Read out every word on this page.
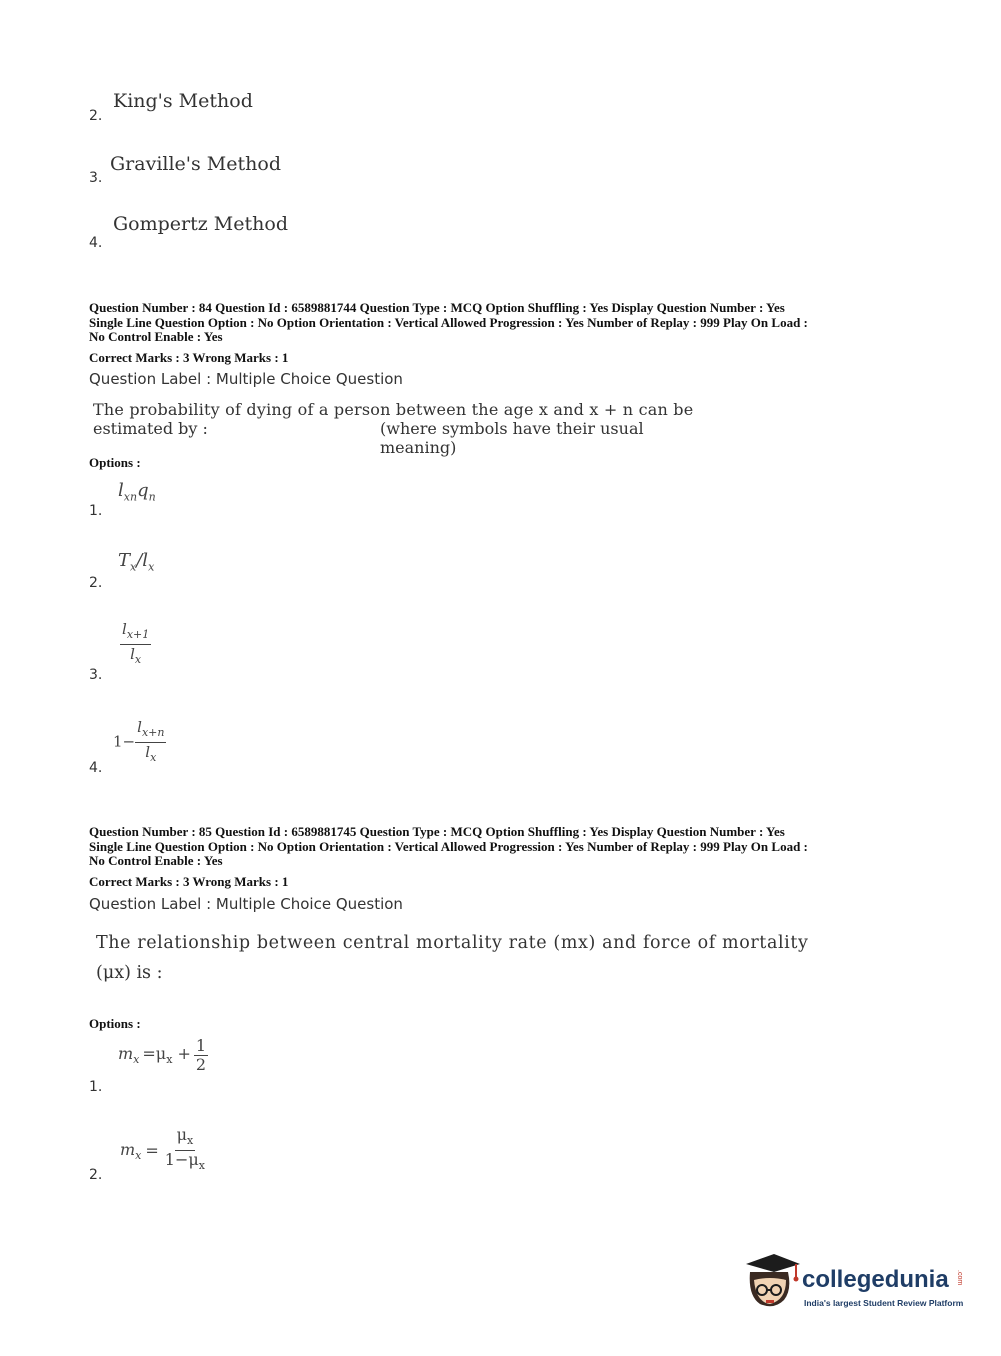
2.
King's Method
3.
Graville's Method
4.
Gompertz Method
Question Number : 84 Question Id : 6589881744 Question Type : MCQ Option Shuffling : Yes Display Question Number : Yes
Single Line Question Option : No Option Orientation : Vertical Allowed Progression : Yes Number of Replay : 999 Play On Load :
No Control Enable : Yes
Correct Marks : 3 Wrong Marks : 1
Question Label : Multiple Choice Question
The probability of dying of a person between the age x and x + n can be
estimated by :	(where symbols have their usual meaning)
Options :
$l_{xn}q_n$
1.
$T_x/l_x$
2.
$\frac{l_{x+1}}{l_x}$
3.
$1- \frac{l_{x+n}}{l_x}$
4.
Question Number : 85 Question Id : 6589881745 Question Type : MCQ Option Shuffling : Yes Display Question Number : Yes
Single Line Question Option : No Option Orientation : Vertical Allowed Progression : Yes Number of Replay : 999 Play On Load :
No Control Enable : Yes
Correct Marks : 3 Wrong Marks : 1
Question Label : Multiple Choice Question
The relationship between central mortality rate (mx) and force of mortality
(μx) is :
Options :
$m_x =\mu_x + \frac{1}{2}$
1.
$m_x = \frac{\mu_x}{1-\mu_x}$
2.
collegedunia .com
India's largest Student Review Platform
